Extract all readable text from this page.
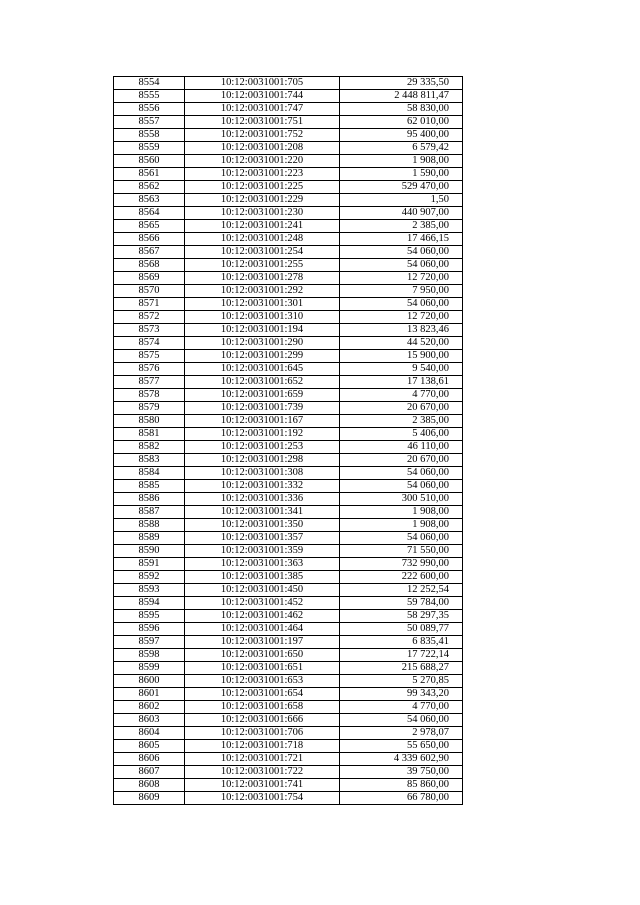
8554	10:12:0031001:705	29 335,50
8555	10:12:0031001:744	2 448 811,47
8556	10:12:0031001:747	58 830,00
8557	10:12:0031001:751	62 010,00
8558	10:12:0031001:752	95 400,00
8559	10:12:0031001:208	6 579,42
8560	10:12:0031001:220	1 908,00
8561	10:12:0031001:223	1 590,00
8562	10:12:0031001:225	529 470,00
8563	10:12:0031001:229	1,50
8564	10:12:0031001:230	440 907,00
8565	10:12:0031001:241	2 385,00
8566	10:12:0031001:248	17 466,15
8567	10:12:0031001:254	54 060,00
8568	10:12:0031001:255	54 060,00
8569	10:12:0031001:278	12 720,00
8570	10:12:0031001:292	7 950,00
8571	10:12:0031001:301	54 060,00
8572	10:12:0031001:310	12 720,00
8573	10:12:0031001:194	13 823,46
8574	10:12:0031001:290	44 520,00
8575	10:12:0031001:299	15 900,00
8576	10:12:0031001:645	9 540,00
8577	10:12:0031001:652	17 138,61
8578	10:12:0031001:659	4 770,00
8579	10:12:0031001:739	20 670,00
8580	10:12:0031001:167	2 385,00
8581	10:12:0031001:192	5 406,00
8582	10:12:0031001:253	46 110,00
8583	10:12:0031001:298	20 670,00
8584	10:12:0031001:308	54 060,00
8585	10:12:0031001:332	54 060,00
8586	10:12:0031001:336	300 510,00
8587	10:12:0031001:341	1 908,00
8588	10:12:0031001:350	1 908,00
8589	10:12:0031001:357	54 060,00
8590	10:12:0031001:359	71 550,00
8591	10:12:0031001:363	732 990,00
8592	10:12:0031001:385	222 600,00
8593	10:12:0031001:450	12 252,54
8594	10:12:0031001:452	59 784,00
8595	10:12:0031001:462	58 297,35
8596	10:12:0031001:464	50 089,77
8597	10:12:0031001:197	6 835,41
8598	10:12:0031001:650	17 722,14
8599	10:12:0031001:651	215 688,27
8600	10:12:0031001:653	5 270,85
8601	10:12:0031001:654	99 343,20
8602	10:12:0031001:658	4 770,00
8603	10:12:0031001:666	54 060,00
8604	10:12:0031001:706	2 978,07
8605	10:12:0031001:718	55 650,00
8606	10:12:0031001:721	4 339 602,90
8607	10:12:0031001:722	39 750,00
8608	10:12:0031001:741	85 860,00
8609	10:12:0031001:754	66 780,00
